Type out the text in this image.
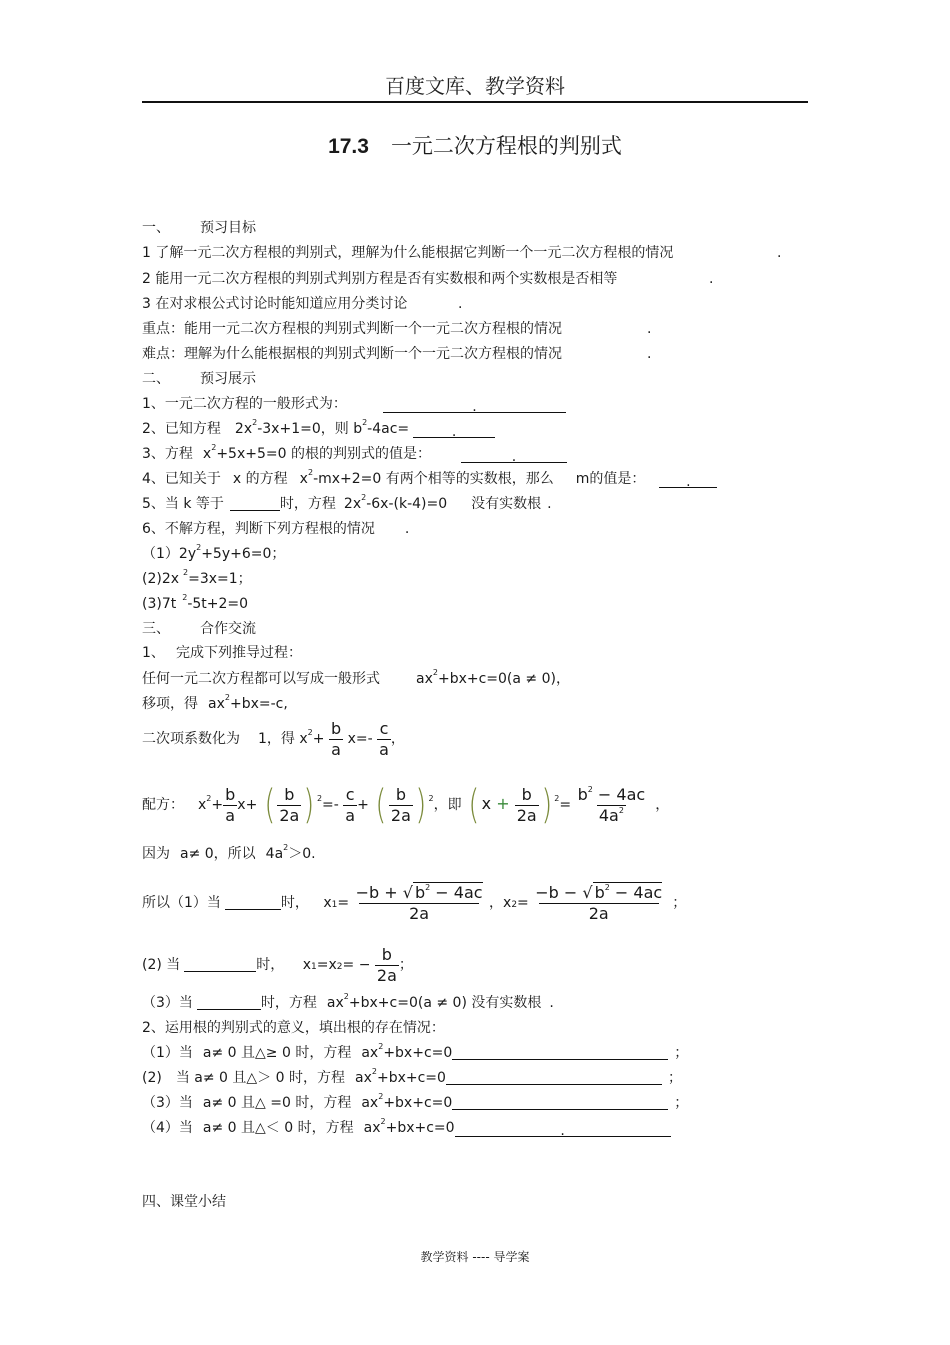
百度文库、教学资料
17.3 一元二次方程根的判别式
一、 预习目标
1 了解一元二次方程根的判别式，理解为什么能根据它判断一个一元二次方程根的情况	.
2 能用一元二次方程根的判别式判别方程是否有实数根和两个实数根是否相等	.
3 在对求根公式讨论时能知道应用分类讨论	.
重点：能用一元二次方程根的判别式判断一个一元二次方程根的情况	.
难点：理解为什么能根据根的判别式判断一个一元二次方程根的情况	.
二、 预习展示
1、一元二次方程的一般形式为：	.
2、已知方程 $2x^2-3x+1=0$，则 $b^2-4ac=$	.
3、方程 $x^2+5x+5=0$ 的根的判别式的值是：	.
4、已知关于 x 的方程 $x^2-mx+2=0$ 有两个相等的实数根，那么 m的值是：	.
5、当 k 等于	时，方程 $2x^2-6x-(k-4)=0$ 没有实数根 .
6、不解方程，判断下列方程根的情况 .
$(1)2y^2+5y+6=0$；
(2)2x $^2$=3x=1；
(3)7t $^2$-5t+2=0
三、 合作交流
1、 完成下列推导过程：
任何一元二次方程都可以写成一般形式	$ax^2+bx+c=0(a \ne 0)$，
移项，得 $ax^2+bx=-c$,
二次项系数化为 1，得 $x^2+ \frac{b}{a} x=- \frac{c}{a}$ ，
配方： $x^2+ \frac{b}{a} x+$ ( $\frac{b}{2a}$ ) $^2=- \frac{c}{a}$ + ( $\frac{b}{2a}$ ) $^2$，即 ( $x + \frac{b}{2a}$ ) $^2= \frac{b^2 - 4ac}{4a^2}$ ，
因为 a≠ 0，所以 $4a^2>0$.
所以（1）当	时， $x1= \frac{-b + √ b^2 - 4ac}{2a}$ ，$x2= \frac{-b - √ b^2 - 4ac}{2a}$ ；
(2) 当	时， $x1=x2= - \frac{b}{2a}$ ；
（3）当	时，方程 $ax^2+bx+c=0(a \ne 0)$ 没有实数根 .
2、运用根的判别式的意义，填出根的存在情况：
（1）当 a≠ 0 且△≥ 0 时，方程 $ax^2+bx+c=0$	；
(2) 当 a≠ 0 且△＞ 0 时，方程 $ax^2+bx+c=0$	；
（3）当 a≠ 0 且△ =0 时，方程 $ax^2+bx+c=0$	；
（4）当 a≠ 0 且△＜ 0 时，方程 $ax^2+bx+c=0$	.
四、课堂小结
教学资料 ---- 导学案
